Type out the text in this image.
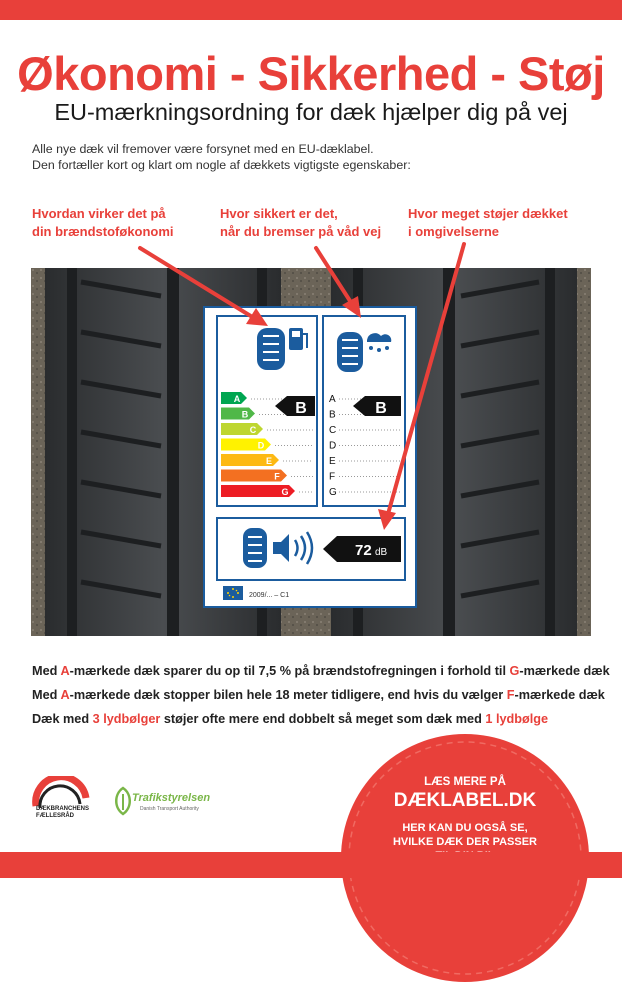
Økonomi - Sikkerhed - Støj
EU-mærkningsordning for dæk hjælper dig på vej
Alle nye dæk vil fremover være forsynet med en EU-dæklabel.
Den fortæller kort og klart om nogle af dækkets vigtigste egenskaber:
Hvordan virker det på
din brændstoføkonomi
Hvor sikkert er det,
når du bremser på våd vej
Hvor meget støjer dækket
i omgivelserne
A
B
C
D
E
F
G
A
B
C
D
E
F
G
B	B
72 dB
2009/... – C1
Med A-mærkede dæk sparer du op til 7,5 % på brændstofregningen i forhold til G-mærkede dæk
Med A-mærkede dæk stopper bilen hele 18 meter tidligere, end hvis du vælger F-mærkede dæk
Dæk med 3 lydbølger støjer ofte mere end dobbelt så meget som dæk med 1 lydbølge
DÆKBRANCHENS
FÆLLESRÅD
Trafikstyrelsen
Danish Transport Authority
LÆS MERE PÅ
DÆKLABEL.DK
HER KAN DU OGSÅ SE,
HVILKE DÆK DER PASSER
